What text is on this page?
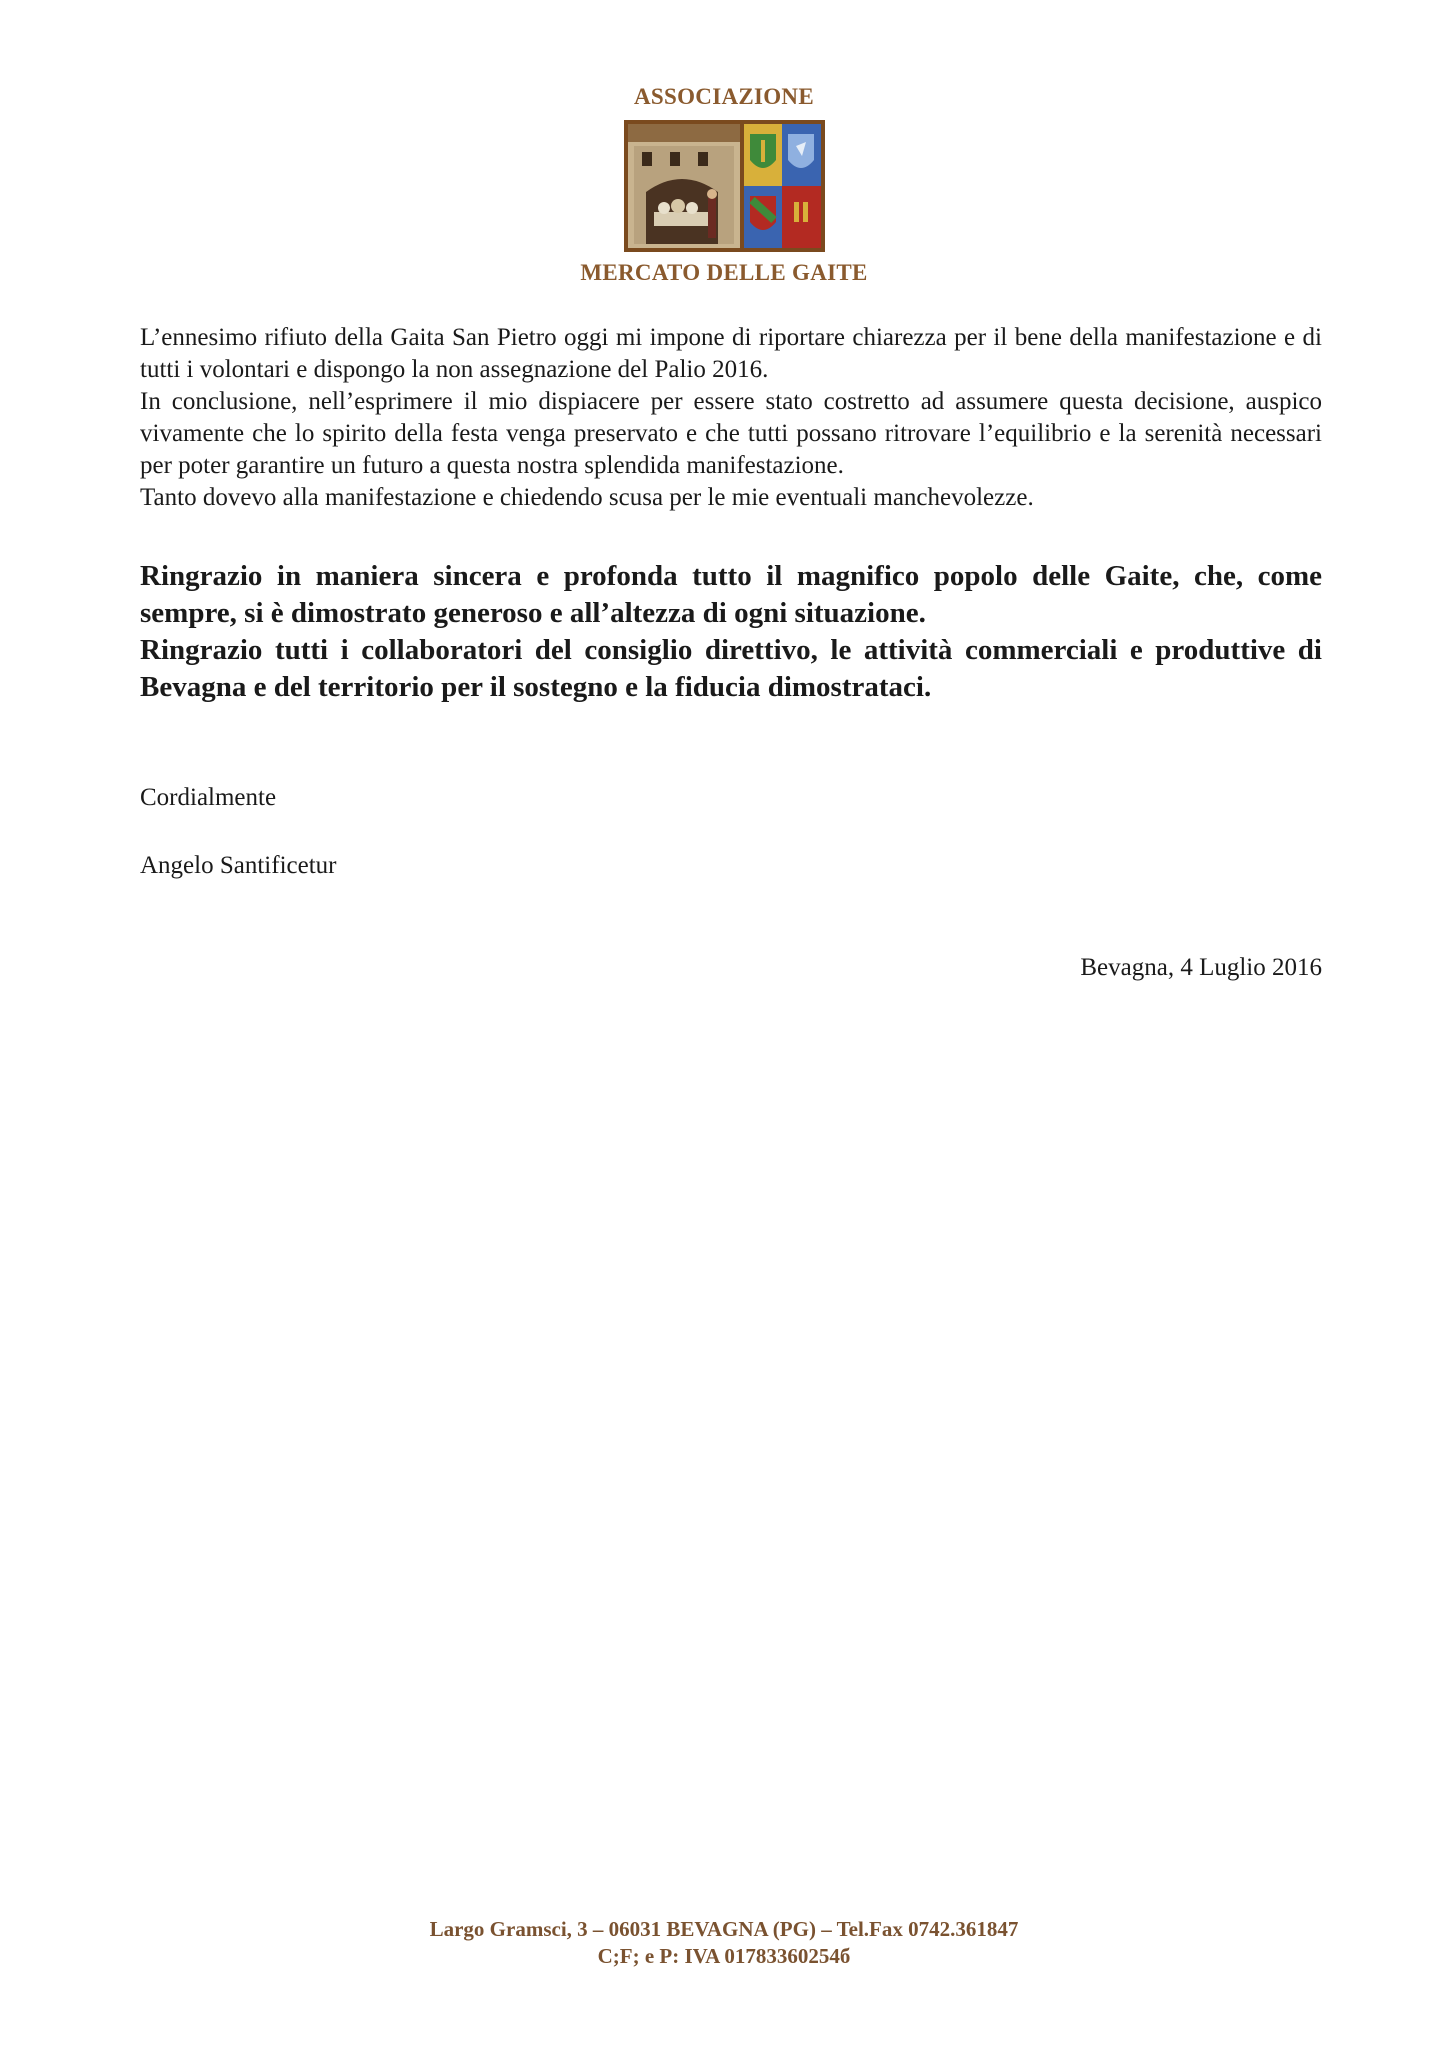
ASSOCIAZIONE
MERCATO DELLE GAITE

L’ennesimo rifiuto della Gaita San Pietro oggi mi impone di riportare chiarezza per il bene della manifestazione e di tutti i volontari e dispongo la non assegnazione del Palio 2016.

In conclusione, nell’esprimere il mio dispiacere per essere stato costretto ad assumere questa decisione, auspico vivamente che lo spirito della festa venga preservato e che tutti possano ritrovare l’equilibrio e la serenità necessari per poter garantire un futuro a questa nostra splendida manifestazione.

Tanto dovevo alla manifestazione e chiedendo scusa per le mie eventuali manchevolezze.

Ringrazio in maniera sincera e profonda tutto il magnifico popolo delle Gaite, che, come sempre, si è dimostrato generoso e all’altezza di ogni situazione.

Ringrazio tutti i collaboratori del consiglio direttivo, le attività commerciali e produttive di Bevagna e del territorio per il sostegno e la fiducia dimostrataci.

Cordialmente
Angelo Santificetur
Bevagna, 4 Luglio 2016
Largo Gramsci, 3 – 06031 BEVAGNA (PG) – Tel.Fax 0742.361847
C;F; e P: IVA 01783360254б
